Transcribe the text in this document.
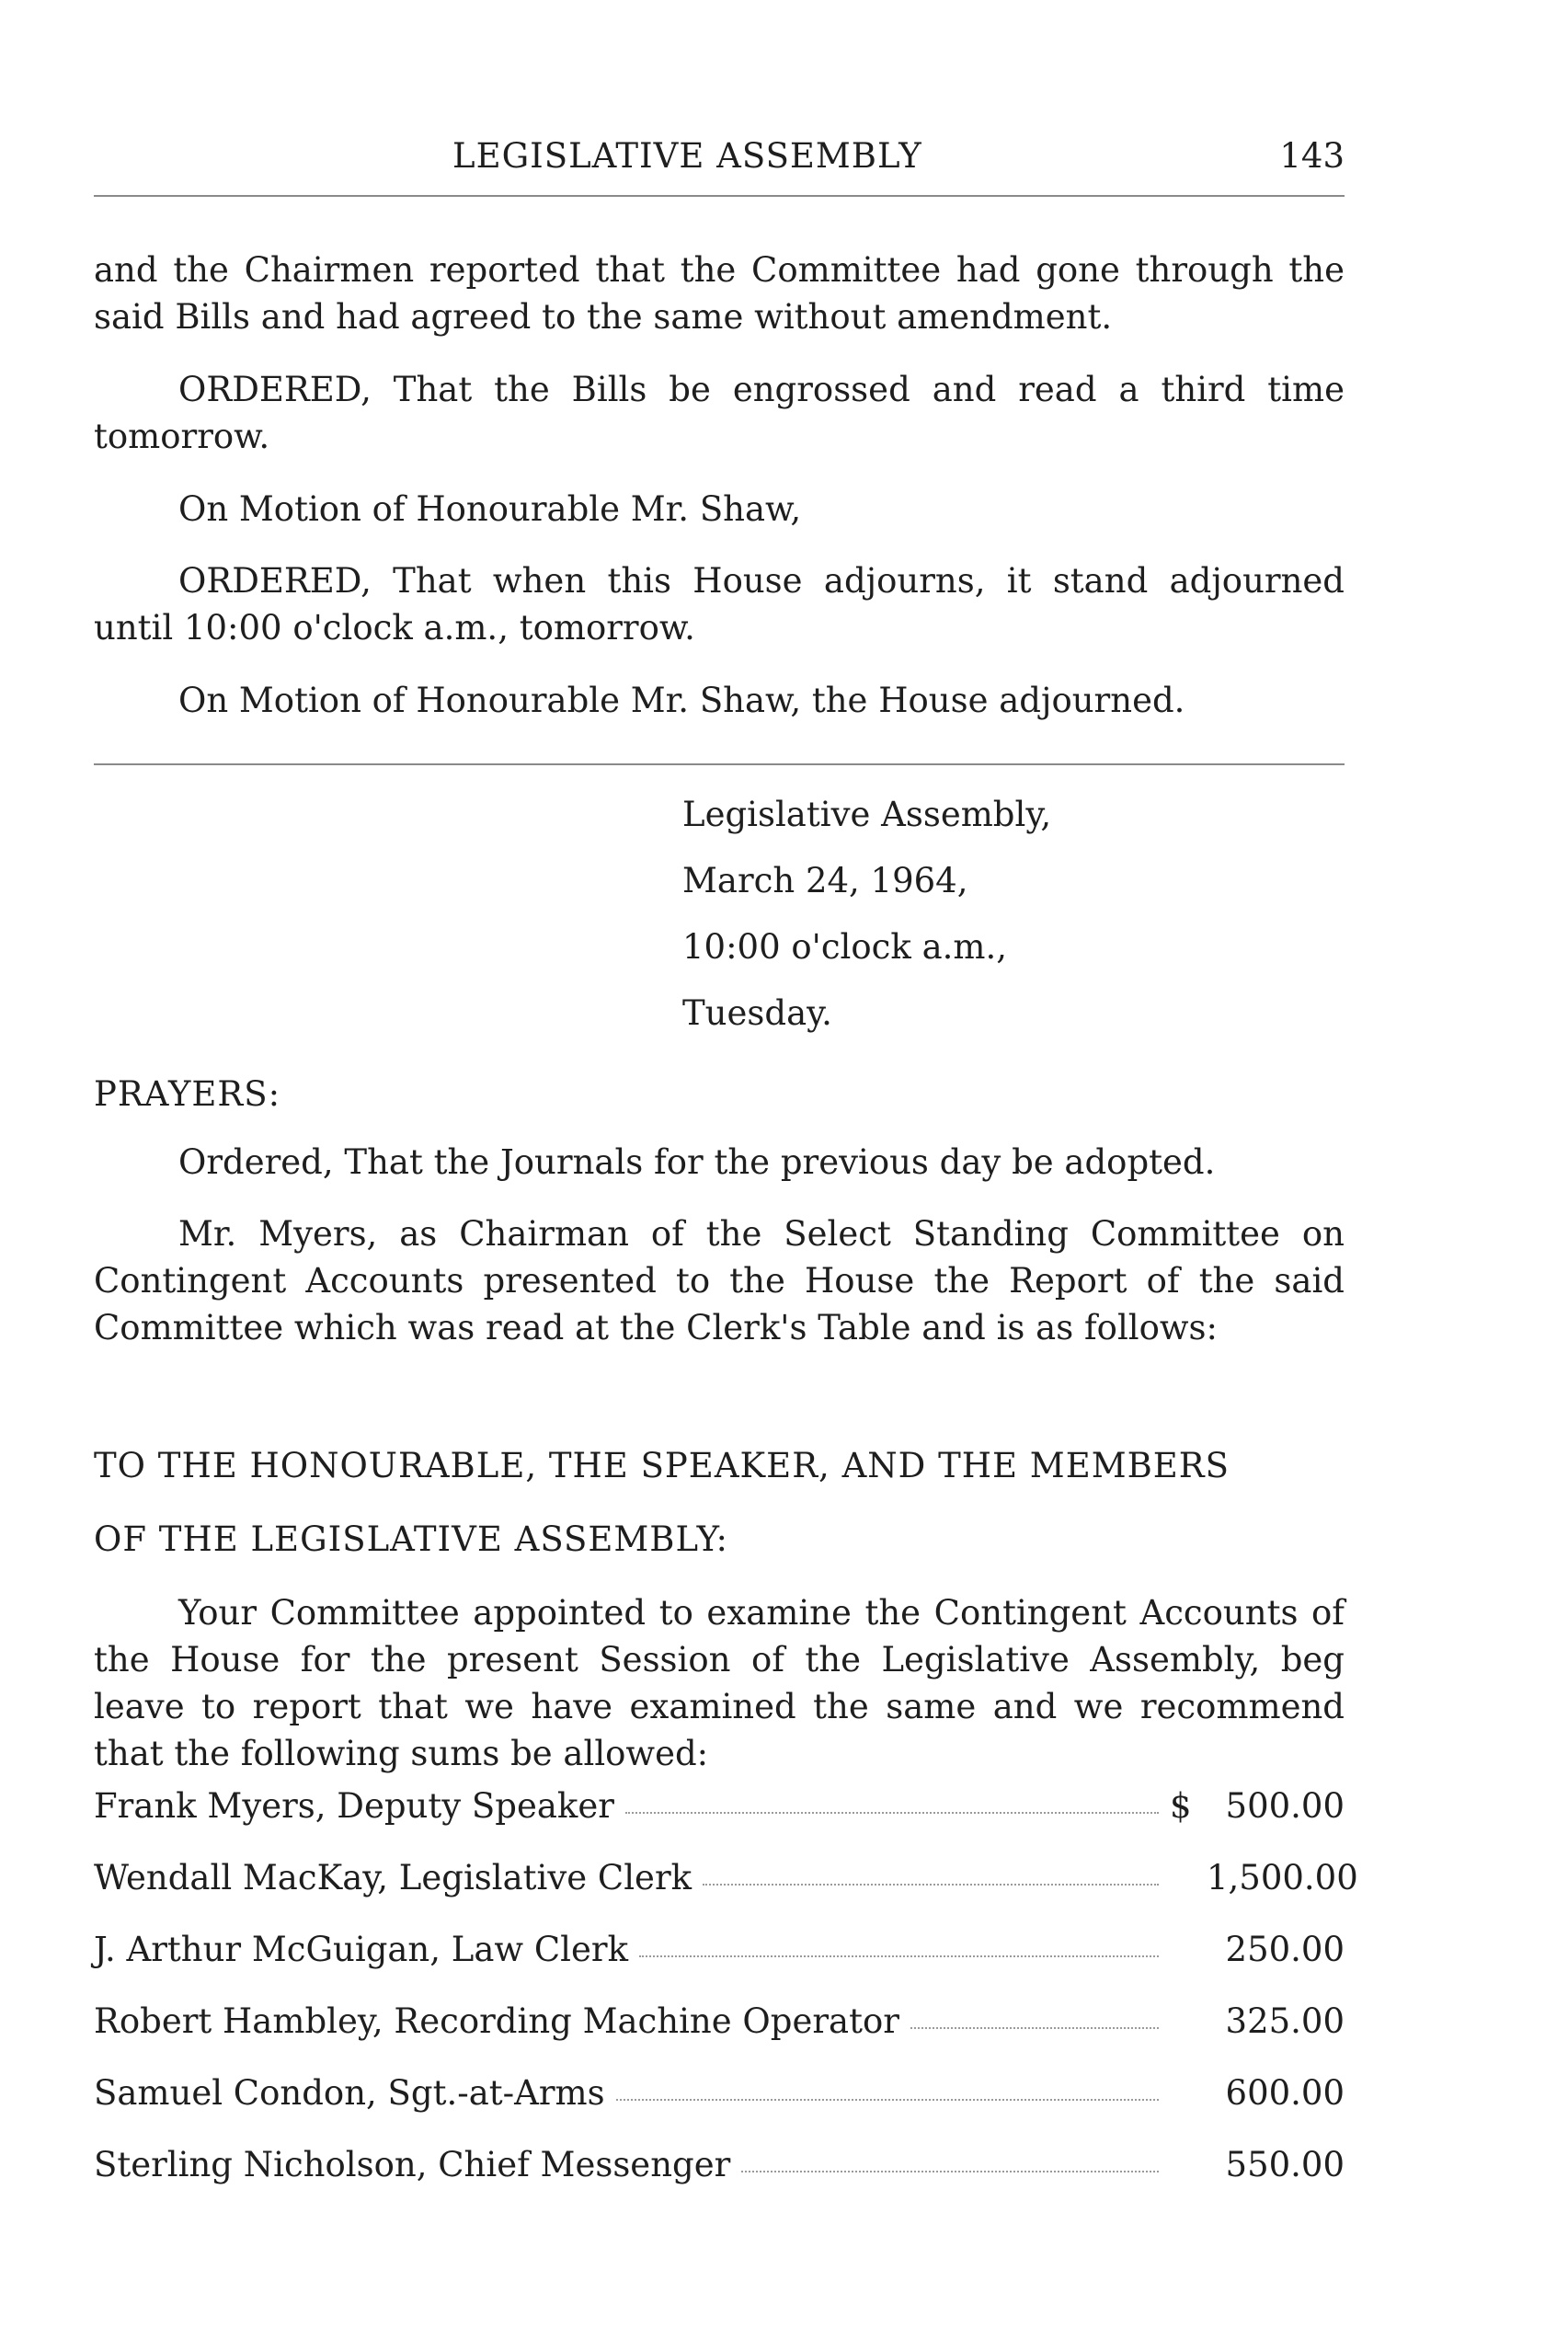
LEGISLATIVE ASSEMBLY	143

and the Chairmen reported that the Committee had gone through the said Bills and had agreed to the same without amendment.

ORDERED, That the Bills be engrossed and read a third time tomorrow.

On Motion of Honourable Mr. Shaw,

ORDERED, That when this House adjourns, it stand adjourned until 10:00 o'clock a.m., tomorrow.

On Motion of Honourable Mr. Shaw, the House adjourned.

Legislative Assembly,
March 24, 1964,
10:00 o'clock a.m.,
Tuesday.
PRAYERS:

Ordered, That the Journals for the previous day be adopted.

Mr. Myers, as Chairman of the Select Standing Committee on Contingent Accounts presented to the House the Report of the said Committee which was read at the Clerk's Table and is as follows:

TO THE HONOURABLE, THE SPEAKER, AND THE MEMBERS
OF THE LEGISLATIVE ASSEMBLY:

Your Committee appointed to examine the Contingent Accounts of the House for the present Session of the Legislative Assembly, beg leave to report that we have examined the same and we recommend that the following sums be allowed:

Frank Myers, Deputy Speaker	$ 500.00
Wendall MacKay, Legislative Clerk	1,500.00
J. Arthur McGuigan, Law Clerk	250.00
Robert Hambley, Recording Machine Operator	325.00
Samuel Condon, Sgt.-at-Arms	600.00
Sterling Nicholson, Chief Messenger	550.00
